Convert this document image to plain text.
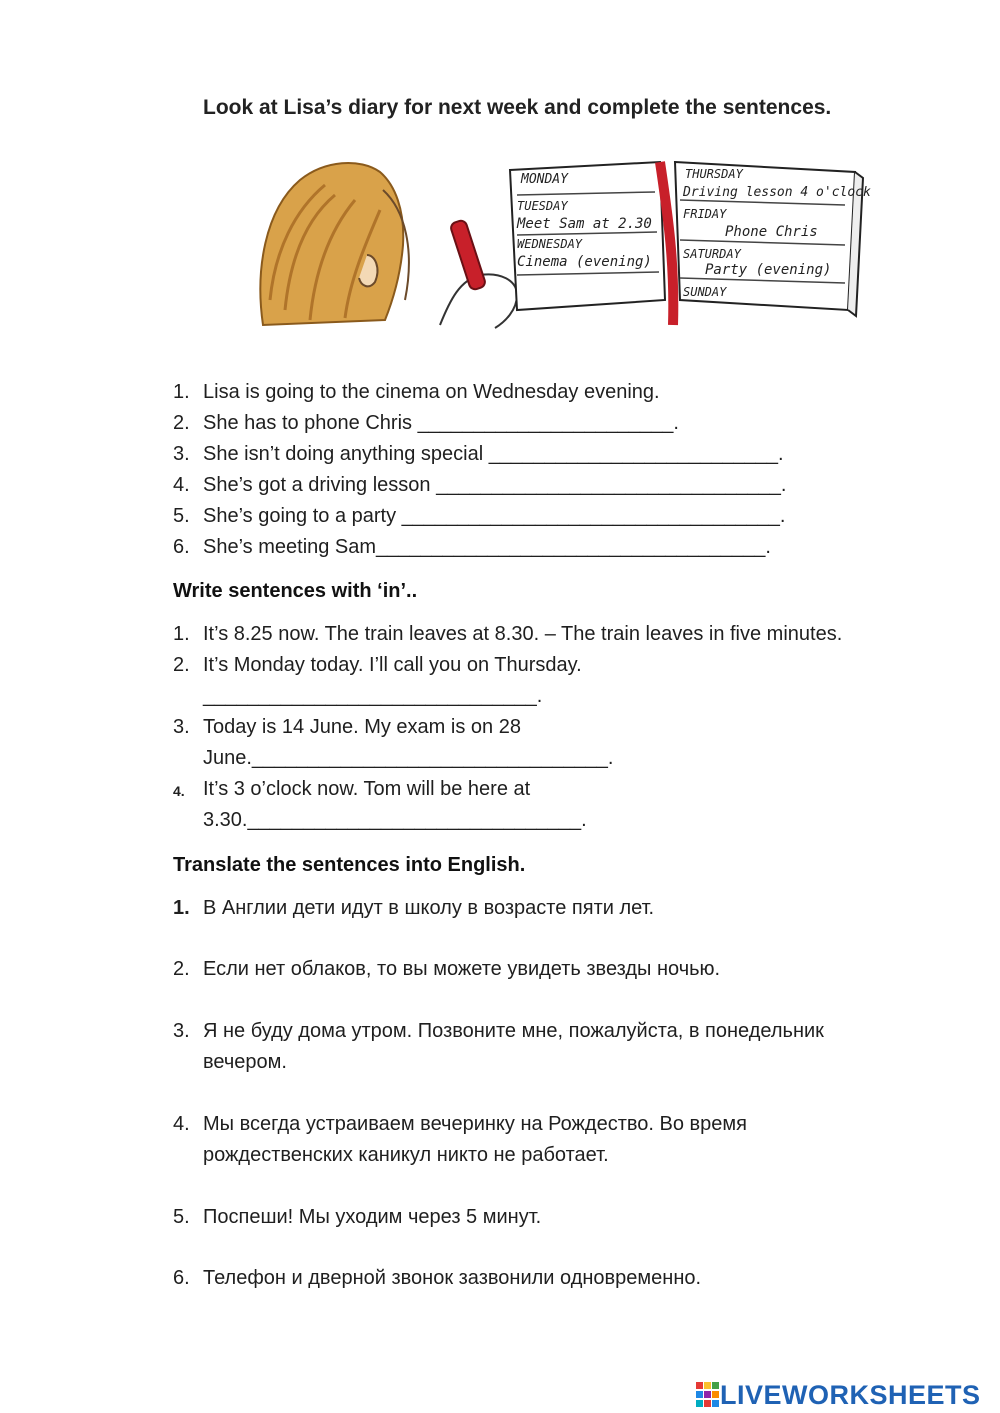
Look at Lisa’s diary for next week and complete the sentences.
MONDAY
TUESDAY
Meet Sam at 2.30
WEDNESDAY
Cinema (evening)
THURSDAY
Driving lesson 4 o'clock
FRIDAY
Phone Chris
SATURDAY
Party (evening)
SUNDAY
1. Lisa is going to the cinema on Wednesday evening.
2. She has to phone Chris _______________________.
3. She isn’t doing anything special __________________________.
4. She’s got a driving lesson _______________________________.
5. She’s going to a party __________________________________.
6. She’s meeting Sam___________________________________.
Write sentences with ‘in’..
1. It’s 8.25 now. The train leaves at 8.30. – The train leaves in five minutes.
2. It’s Monday today. I’ll call you on Thursday.
______________________________.
3. Today is 14 June. My exam is on 28
June.________________________________.
4. It’s 3 o’clock now. Tom will be here at
3.30.______________________________.
Translate the sentences into English.
1. В Англии дети идут в школу в возрасте пяти лет.
2. Если нет облаков, то вы можете увидеть звезды ночью.
3. Я не буду дома утром. Позвоните мне, пожалуйста, в понедельник
вечером.
4. Мы всегда устраиваем вечеринку на Рождество. Во время
рождественских каникул никто не работает.
5. Поспеши! Мы уходим через 5 минут.
6. Телефон и дверной звонок зазвонили одновременно.
LIVEWORKSHEETS
